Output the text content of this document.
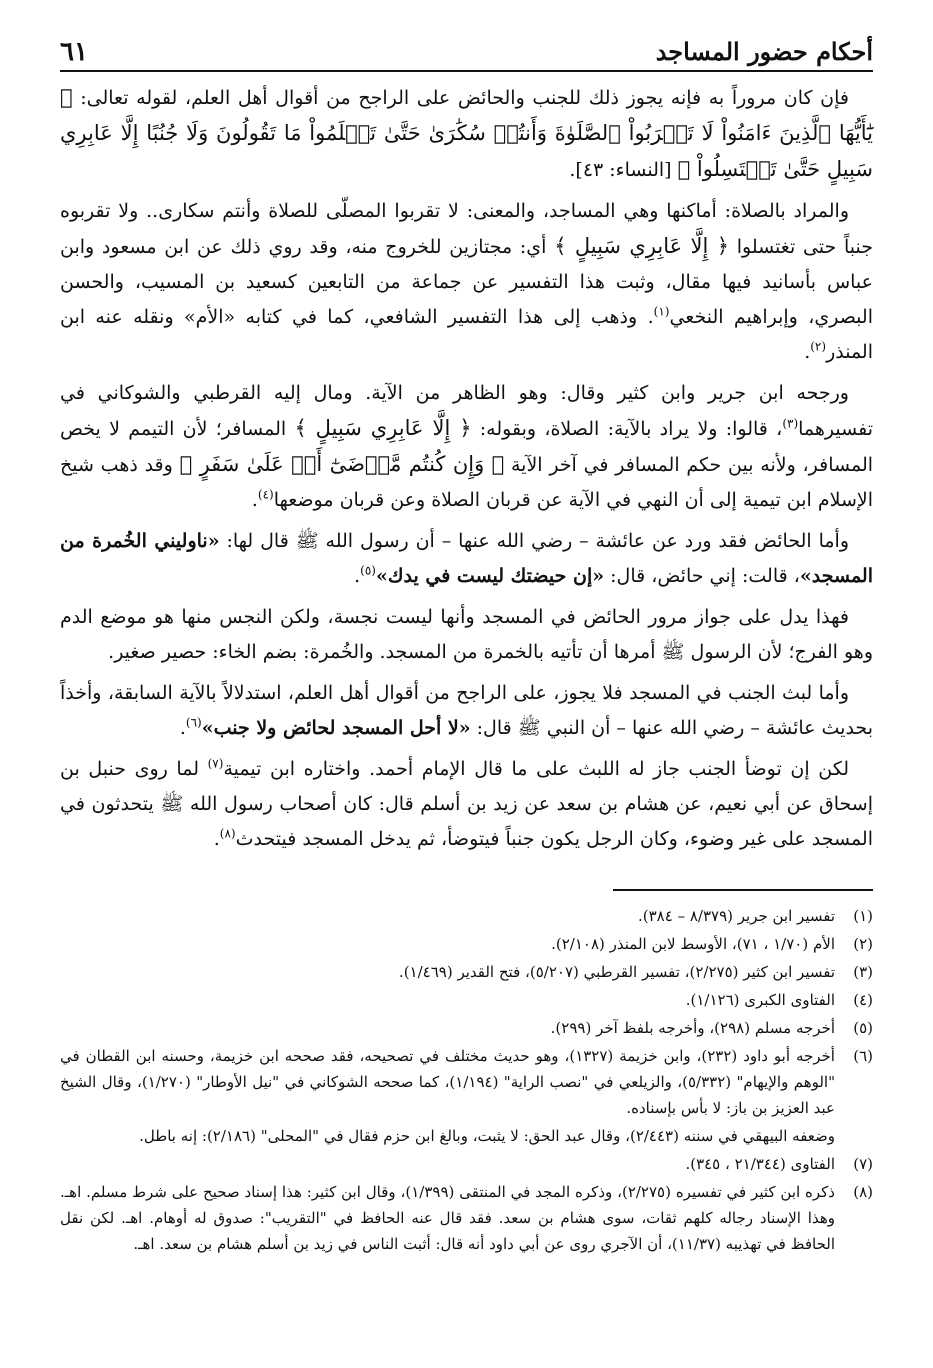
أحكام حضور المساجد
٦١

فإن كان مروراً به فإنه يجوز ذلك للجنب والحائض على الراجح من أقوال أهل العلم، لقوله تعالى: ﴿ يَٰٓأَيُّهَا ٱلَّذِينَ ءَامَنُواْ لَا تَقۡرَبُواْ ٱلصَّلَوٰةَ وَأَنتُمۡ سُكَٰرَىٰ حَتَّىٰ تَعۡلَمُواْ مَا تَقُولُونَ وَلَا جُنُبًا إِلَّا عَابِرِي سَبِيلٍ حَتَّىٰ تَغۡتَسِلُواْ ﴾ [النساء: ٤٣].

والمراد بالصلاة: أماكنها وهي المساجد، والمعنى: لا تقربوا المصلّى للصلاة وأنتم سكارى.. ولا تقربوه جنباً حتى تغتسلوا ﴿ إِلَّا عَابِرِي سَبِيلٍ ﴾ أي: مجتازين للخروج منه، وقد روي ذلك عن ابن مسعود وابن عباس بأسانيد فيها مقال، وثبت هذا التفسير عن جماعة من التابعين كسعيد بن المسيب، والحسن البصري، وإبراهيم النخعي$^{(١)}$. وذهب إلى هذا التفسير الشافعي، كما في كتابه «الأم» ونقله عنه ابن المنذر$^{(٢)}$.

ورجحه ابن جرير وابن كثير وقال: وهو الظاهر من الآية. ومال إليه القرطبي والشوكاني في تفسيرهما$^{(٣)}$، قالوا: ولا يراد بالآية: الصلاة، وبقوله: ﴿ إِلَّا عَابِرِي سَبِيلٍ ﴾ المسافر؛ لأن التيمم لا يخص المسافر، ولأنه بين حكم المسافر في آخر الآية ﴿ وَإِن كُنتُم مَّرۡضَىٰٓ أَوۡ عَلَىٰ سَفَرٍ ﴾ وقد ذهب شيخ الإسلام ابن تيمية إلى أن النهي في الآية عن قربان الصلاة وعن قربان موضعها$^{(٤)}$.

وأما الحائض فقد ورد عن عائشة – رضي الله عنها – أن رسول الله ﷺ قال لها: «ناوليني الخُمرة من المسجد»، قالت: إني حائض، قال: «إن حيضتك ليست في يدك»$^{(٥)}$.

فهذا يدل على جواز مرور الحائض في المسجد وأنها ليست نجسة، ولكن النجس منها هو موضع الدم وهو الفرج؛ لأن الرسول ﷺ أمرها أن تأتيه بالخمرة من المسجد. والخُمرة: بضم الخاء: حصير صغير.

وأما لبث الجنب في المسجد فلا يجوز، على الراجح من أقوال أهل العلم، استدلالاً بالآية السابقة، وأخذاً بحديث عائشة – رضي الله عنها – أن النبي ﷺ قال: «لا أحل المسجد لحائض ولا جنب»$^{(٦)}$.

لكن إن توضأ الجنب جاز له اللبث على ما قال الإمام أحمد. واختاره ابن تيمية$^{(٧)}$ لما روى حنبل بن إسحاق عن أبي نعيم، عن هشام بن سعد عن زيد بن أسلم قال: كان أصحاب رسول الله ﷺ يتحدثون في المسجد على غير وضوء، وكان الرجل يكون جنباً فيتوضأ، ثم يدخل المسجد فيتحدث$^{(٨)}$.

(١)
تفسير ابن جرير (٨/٣٧٩ – ٣٨٤).
(٢)
الأم (١/٧٠ ، ٧١)، الأوسط لابن المنذر (٢/١٠٨).
(٣)
تفسير ابن كثير (٢/٢٧٥)، تفسير القرطبي (٥/٢٠٧)، فتح القدير (١/٤٦٩).
(٤)
الفتاوى الكبرى (١/١٢٦).
(٥)
أخرجه مسلم (٢٩٨)، وأخرجه بلفظ آخر (٢٩٩).
(٦)
أخرجه أبو داود (٢٣٢)، وابن خزيمة (١٣٢٧)، وهو حديث مختلف في تصحيحه، فقد صححه ابن خزيمة، وحسنه ابن القطان في "الوهم والإيهام" (٥/٣٣٢)، والزيلعي في "نصب الراية" (١/١٩٤)، كما صححه الشوكاني في "نيل الأوطار" (١/٢٧٠)، وقال الشيخ عبد العزيز بن باز: لا بأس بإسناده.
وضعفه البيهقي في سننه (٢/٤٤٣)، وقال عبد الحق: لا يثبت، وبالغ ابن حزم فقال في "المحلى" (٢/١٨٦): إنه باطل.
(٧)
الفتاوى (٢١/٣٤٤ ، ٣٤٥).
(٨)
ذكره ابن كثير في تفسيره (٢/٢٧٥)، وذكره المجد في المنتقى (١/٣٩٩)، وقال ابن كثير: هذا إسناد صحيح على شرط مسلم. اهـ. وهذا الإسناد رجاله كلهم ثقات، سوى هشام بن سعد. فقد قال عنه الحافظ في "التقريب": صدوق له أوهام. اهـ. لكن نقل الحافظ في تهذيبه (١١/٣٧)، أن الآجري روى عن أبي داود أنه قال: أثبت الناس في زيد بن أسلم هشام بن سعد. اهـ.
